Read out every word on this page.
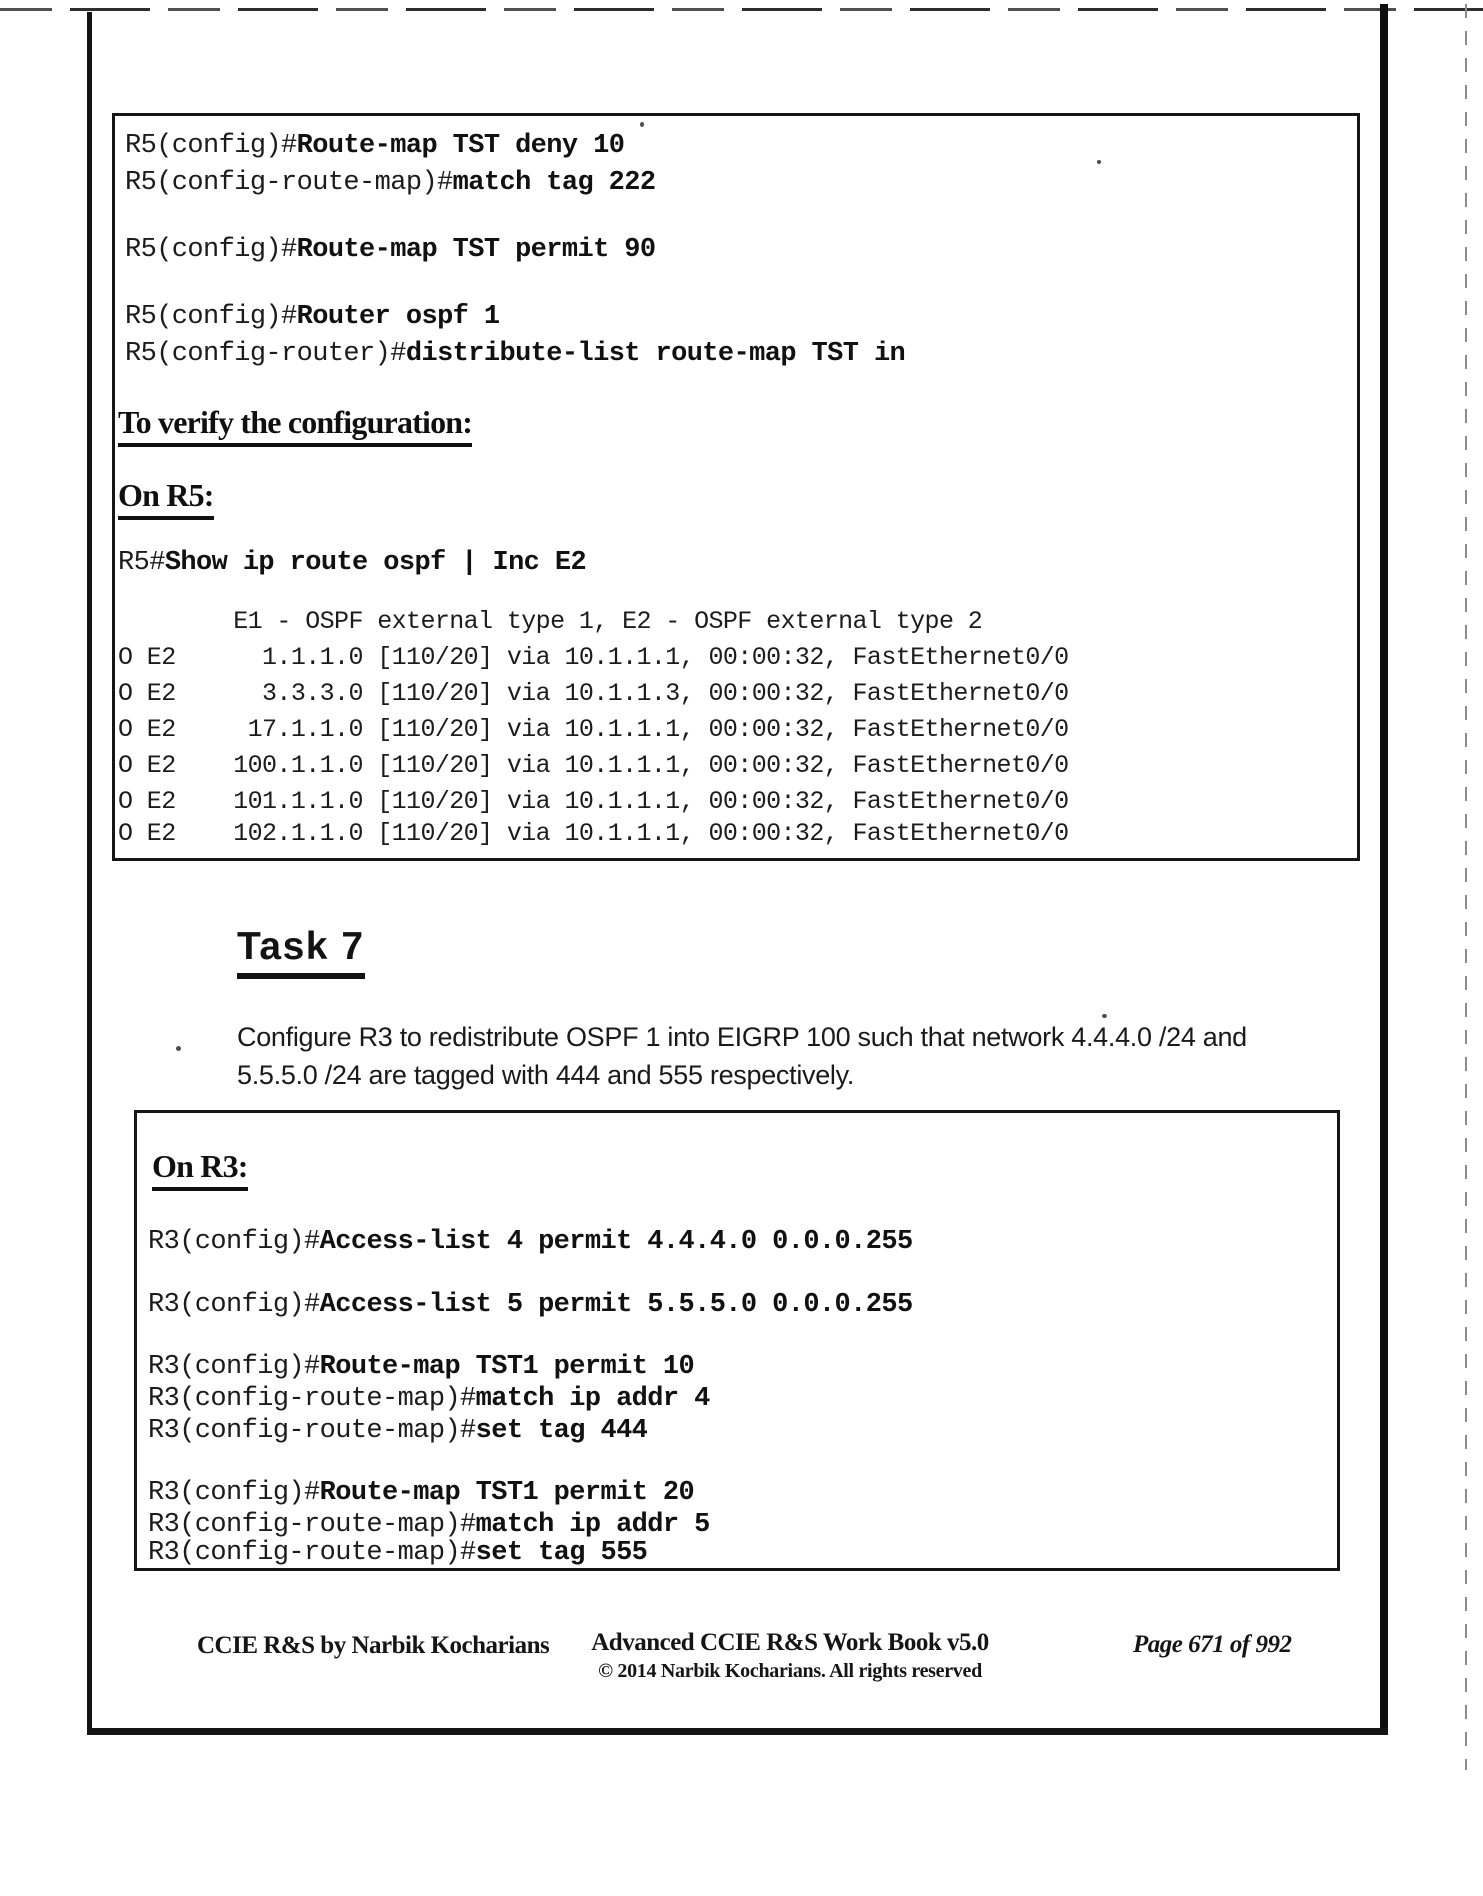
R5(config)#Route-map TST deny 10
R5(config-route-map)#match tag 222
R5(config)#Route-map TST permit 90
R5(config)#Router ospf 1
R5(config-router)#distribute-list route-map TST in
To verify the configuration:
On R5:
R5#Show ip route ospf | Inc E2
E1 - OSPF external type 1, E2 - OSPF external type 2
O E2      1.1.1.0 [110/20] via 10.1.1.1, 00:00:32, FastEthernet0/0
O E2      3.3.3.0 [110/20] via 10.1.1.3, 00:00:32, FastEthernet0/0
O E2     17.1.1.0 [110/20] via 10.1.1.1, 00:00:32, FastEthernet0/0
O E2    100.1.1.0 [110/20] via 10.1.1.1, 00:00:32, FastEthernet0/0
O E2    101.1.1.0 [110/20] via 10.1.1.1, 00:00:32, FastEthernet0/0
O E2    102.1.1.0 [110/20] via 10.1.1.1, 00:00:32, FastEthernet0/0
Task 7
Configure R3 to redistribute OSPF 1 into EIGRP 100 such that network 4.4.4.0 /24 and
5.5.5.0 /24 are tagged with 444 and 555 respectively.
On R3:
R3(config)#Access-list 4 permit 4.4.4.0 0.0.0.255
R3(config)#Access-list 5 permit 5.5.5.0 0.0.0.255
R3(config)#Route-map TST1 permit 10
R3(config-route-map)#match ip addr 4
R3(config-route-map)#set tag 444
R3(config)#Route-map TST1 permit 20
R3(config-route-map)#match ip addr 5
R3(config-route-map)#set tag 555
CCIE R&S by Narbik Kocharians	Advanced CCIE R&S Work Book v5.0
© 2014 Narbik Kocharians. All rights reserved
Page 671 of 992
